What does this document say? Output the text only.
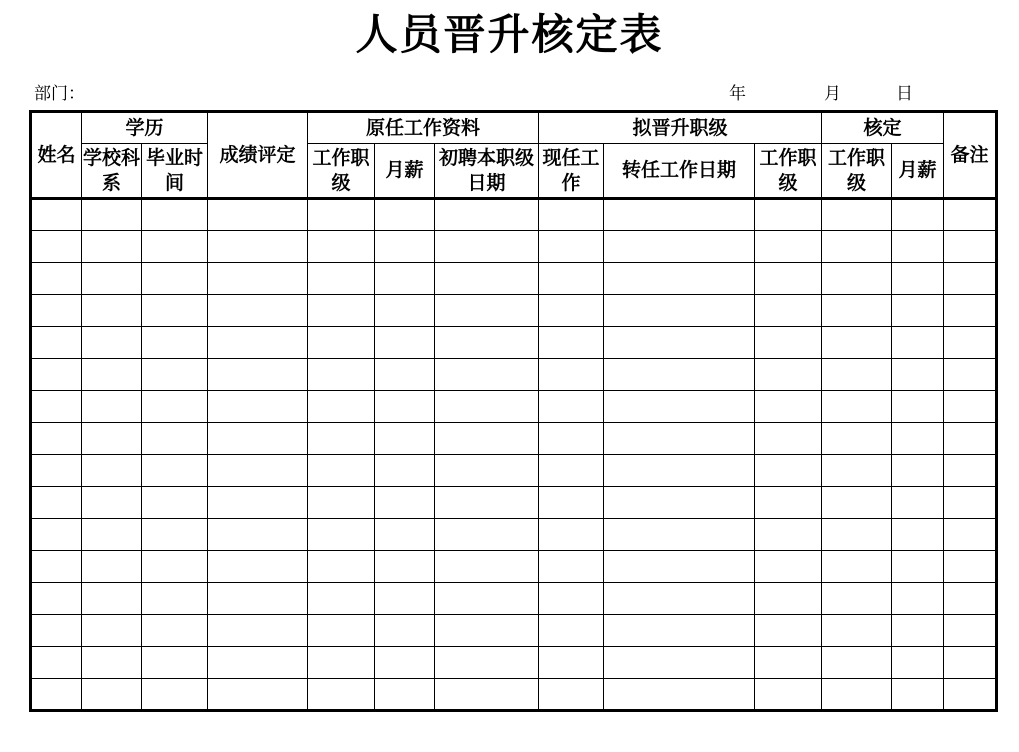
人员晋升核定表
部门：	年	月	日
姓名	学历		成绩评定	原任工作资料			拟晋升职级			核定		备注
	学校科系	毕业时间		工作职级	月薪	初聘本职级日期	现任工作	转任工作日期	工作职级	工作职级	月薪	
